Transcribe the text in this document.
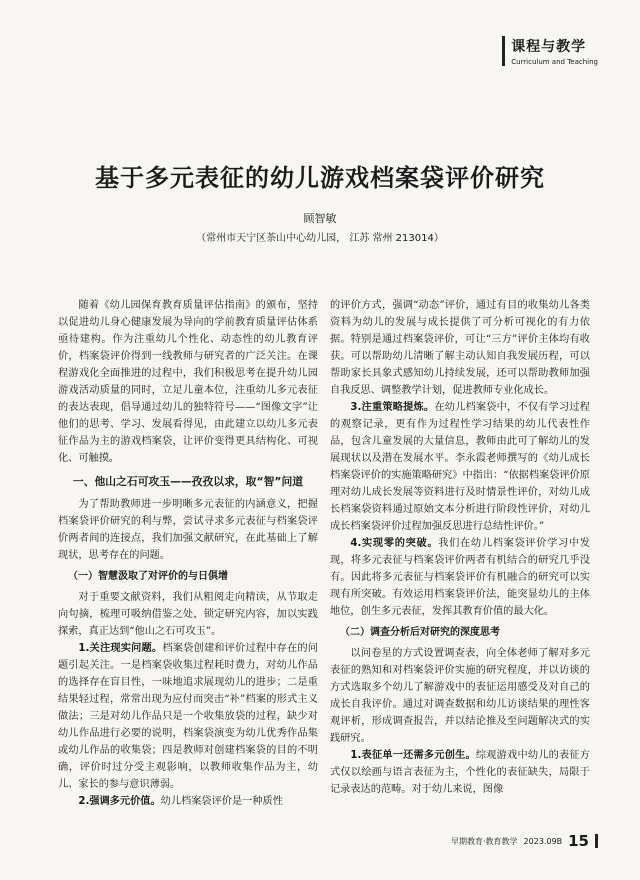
课程与教学
Curriculum and Teaching
基于多元表征的幼儿游戏档案袋评价研究
顾智敏
（常州市天宁区茶山中心幼儿园， 江苏 常州 213014）

随着《幼儿园保育教育质量评估指南》的颁布，坚持以促进幼儿身心健康发展为导向的学前教育质量评估体系亟待建构。作为注重幼儿个性化、动态性的幼儿教育评价，档案袋评价得到一线教师与研究者的广泛关注。在课程游戏化全面推进的过程中，我们积极思考在提升幼儿园游戏活动质量的同时，立足儿童本位，注重幼儿多元表征的表达表现，倡导通过幼儿的独特符号——“图像文字”让他们的思考、学习、发展看得见，由此建立以幼儿多元表征作品为主的游戏档案袋，让评价变得更具结构化、可视化、可触摸。

一、他山之石可攻玉——孜孜以求，取“智”问道

为了帮助教师进一步明晰多元表征的内涵意义，把握档案袋评价研究的利与弊，尝试寻求多元表征与档案袋评价两者间的连接点，我们加强文献研究，在此基础上了解现状，思考存在的问题。

（一）智慧汲取了对评价的与日俱增

对于重要文献资料，我们从粗阅走向精读，从节取走向句摘，梳理可吸纳借鉴之处，锁定研究内容，加以实践探索，真正达到“他山之石可攻玉”。

1.关注现实问题。档案袋创建和评价过程中存在的问题引起关注。一是档案袋收集过程耗时费力，对幼儿作品的选择存在盲目性，一味地追求展现幼儿的进步；二是重结果轻过程，常常出现为应付而突击“补”档案的形式主义做法；三是对幼儿作品只是一个收集放袋的过程，缺少对幼儿作品进行必要的说明，档案袋演变为幼儿优秀作品集或幼儿作品的收集袋；四是教师对创建档案袋的目的不明确，评价时过分受主观影响，以教师收集作品为主，幼儿、家长的参与意识薄弱。

2.强调多元价值。幼儿档案袋评价是一种质性

的评价方式，强调“动态”评价，通过有目的收集幼儿各类资料为幼儿的发展与成长提供了可分析可视化的有力依据。特别是通过档案袋评价，可让“三方”评价主体均有收获。可以帮助幼儿清晰了解主动认知自我发展历程，可以帮助家长具象式感知幼儿持续发展，还可以帮助教师加强自我反思、调整教学计划，促进教师专业化成长。

3.注重策略提炼。在幼儿档案袋中，不仅有学习过程的观察记录，更有作为过程性学习结果的幼儿代表性作品，包含儿童发展的大量信息，教师由此可了解幼儿的发展现状以及潜在发展水平。李永霞老师撰写的《幼儿成长档案袋评价的实施策略研究》中指出：“依据档案袋评价原理对幼儿成长发展等资料进行及时情景性评价，对幼儿成长档案袋资料通过原始文本分析进行阶段性评价，对幼儿成长档案袋评价过程加强反思进行总结性评价。”

4.实现零的突破。我们在幼儿档案袋评价学习中发现，将多元表征与档案袋评价两者有机结合的研究几乎没有。因此将多元表征与档案袋评价有机融合的研究可以实现有所突破。有效运用档案袋评价法，能突显幼儿的主体地位，创生多元表征，发挥其教育价值的最大化。

（二）调查分析后对研究的深度思考

以问卷星的方式设置调查表，向全体老师了解对多元表征的熟知和对档案袋评价实施的研究程度，并以访谈的方式选取多个幼儿了解游戏中的表征运用感受及对自己的成长自我评价。通过对调查数据和幼儿访谈结果的理性客观评析，形成调查报告，并以结论推及至问题解决式的实践研究。

1.表征单一还需多元创生。综观游戏中幼儿的表征方式仅以绘画与语言表征为主，个性化的表征缺失，局限于记录表达的范畴。对于幼儿来说，图像

早期教育·教育教学 2023.09B 15
